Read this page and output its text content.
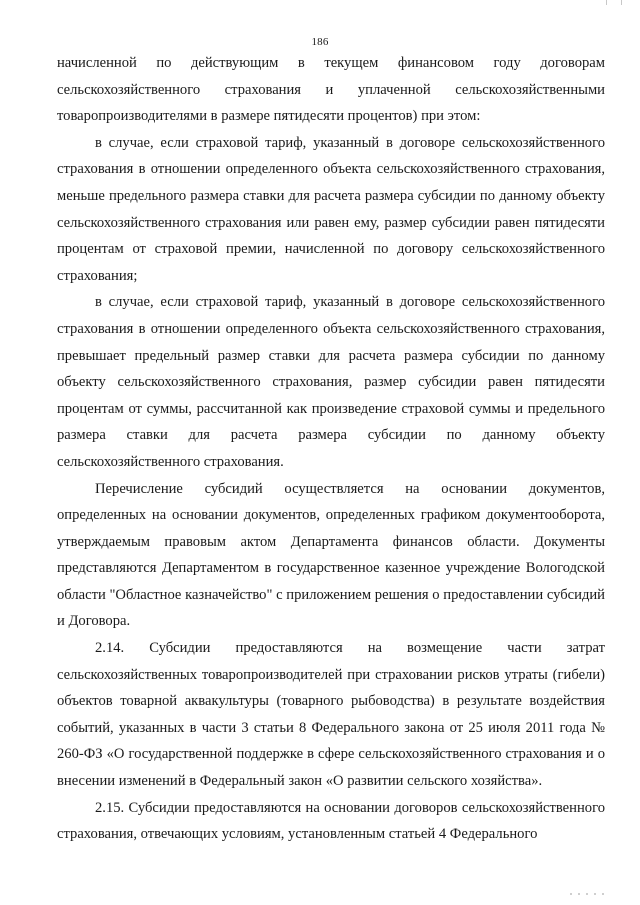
186

начисленной по действующим в текущем финансовом году договорам сельскохозяйственного страхования и уплаченной сельскохозяйственными товаропроизводителями в размере пятидесяти процентов) при этом:

в случае, если страховой тариф, указанный в договоре сельскохозяйственного страхования в отношении определенного объекта сельскохозяйственного страхования, меньше предельного размера ставки для расчета размера субсидии по данному объекту сельскохозяйственного страхования или равен ему, размер субсидии равен пятидесяти процентам от страховой премии, начисленной по договору сельскохозяйственного страхования;

в случае, если страховой тариф, указанный в договоре сельскохозяйственного страхования в отношении определенного объекта сельскохозяйственного страхования, превышает предельный размер ставки для расчета размера субсидии по данному объекту сельскохозяйственного страхования, размер субсидии равен пятидесяти процентам от суммы, рассчитанной как произведение страховой суммы и предельного размера ставки для расчета размера субсидии по данному объекту сельскохозяйственного страхования.

Перечисление субсидий осуществляется на основании документов, определенных на основании документов, определенных графиком документооборота, утверждаемым правовым актом Департамента финансов области. Документы представляются Департаментом в государственное казенное учреждение Вологодской области "Областное казначейство" с приложением решения о предоставлении субсидий и Договора.

2.14. Субсидии предоставляются на возмещение части затрат сельскохозяйственных товаропроизводителей при страховании рисков утраты (гибели) объектов товарной аквакультуры (товарного рыбоводства) в результате воздействия событий, указанных в части 3 статьи 8 Федерального закона от 25 июля 2011 года № 260-ФЗ «О государственной поддержке в сфере сельскохозяйственного страхования и о внесении изменений в Федеральный закон «О развитии сельского хозяйства».

2.15. Субсидии предоставляются на основании договоров сельскохозяйственного страхования, отвечающих условиям, установленным статьей 4 Федерального
